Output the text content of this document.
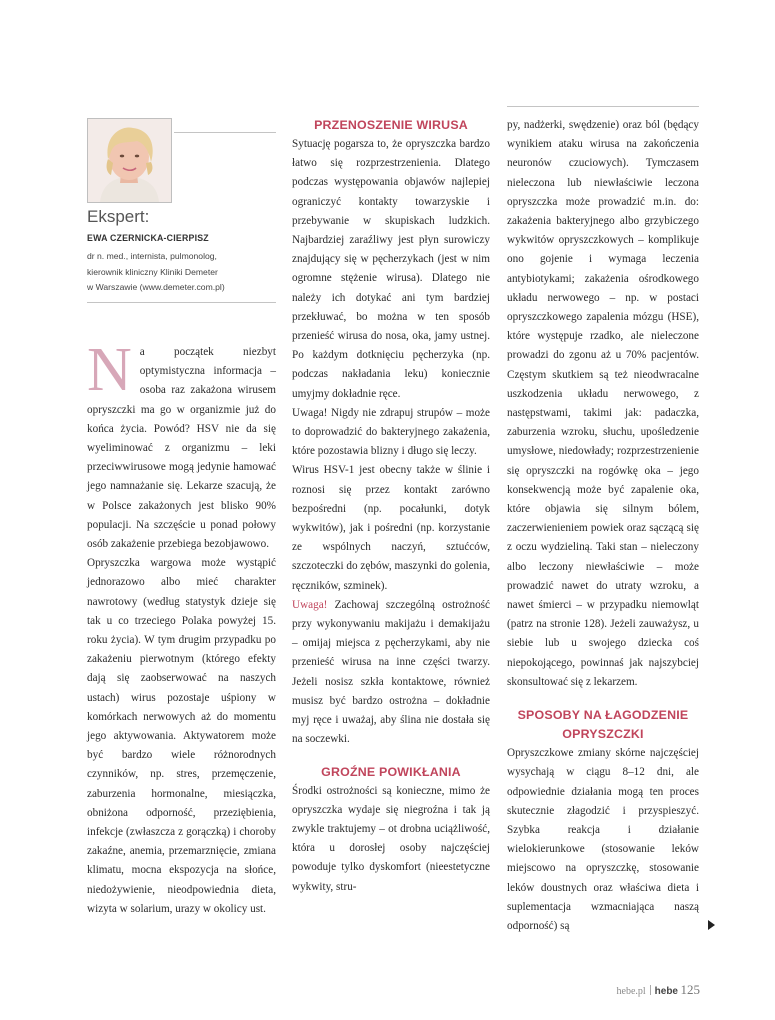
Ekspert:
EWA CZERNICKA-CIERPISZ
dr n. med., internista, pulmonolog,
kierownik kliniczny Kliniki Demeter
w Warszawie (www.demeter.com.pl)
N a początek niezbyt optymistyczna informacja – osoba raz zakażona wirusem opryszczki ma go w organizmie już do końca życia. Powód? HSV nie da się wyeliminować z organizmu – leki przeciwwirusowe mogą jedynie hamować jego namnażanie się. Lekarze szacują, że w Polsce zakażonych jest blisko 90% populacji. Na szczęście u ponad połowy osób zakażenie przebiega bezobjawowo.

Opryszczka wargowa może wystąpić jednorazowo albo mieć charakter nawrotowy (według statystyk dzieje się tak u co trzeciego Polaka powyżej 15. roku życia). W tym drugim przypadku po zakażeniu pierwotnym (którego efekty dają się zaobserwować na naszych ustach) wirus pozostaje uśpiony w komórkach nerwowych aż do momentu jego aktywowania. Aktywatorem może być bardzo wiele różnorodnych czynników, np. stres, przemęczenie, zaburzenia hormonalne, miesiączka, obniżona odporność, przeziębienia, infekcje (zwłaszcza z gorączką) i choroby zakaźne, anemia, przemarznięcie, zmiana klimatu, mocna ekspozycja na słońce, niedożywienie, nieodpowiednia dieta, wizyta w solarium, urazy w okolicy ust.

PRZENOSZENIE WIRUSA

Sytuację pogarsza to, że opryszczka bardzo łatwo się rozprzestrzenienia. Dlatego podczas występowania objawów najlepiej ograniczyć kontakty towarzyskie i przebywanie w skupiskach ludzkich. Najbardziej zaraźliwy jest płyn surowiczy znajdujący się w pęcherzykach (jest w nim ogromne stężenie wirusa). Dlatego nie należy ich dotykać ani tym bardziej przekłuwać, bo można w ten sposób przenieść wirusa do nosa, oka, jamy ustnej. Po każdym dotknięciu pęcherzyka (np. podczas nakładania leku) koniecznie umyjmy dokładnie ręce.

Uwaga! Nigdy nie zdrapuj strupów – może to doprowadzić do bakteryjnego zakażenia, które pozostawia blizny i długo się leczy.

Wirus HSV-1 jest obecny także w ślinie i roznosi się przez kontakt zarówno bezpośredni (np. pocałunki, dotyk wykwitów), jak i pośredni (np. korzystanie ze wspólnych naczyń, sztućców, szczoteczki do zębów, maszynki do golenia, ręczników, szminek).

Uwaga! Zachowaj szczególną ostrożność przy wykonywaniu makijażu i demakijażu – omijaj miejsca z pęcherzykami, aby nie przenieść wirusa na inne części twarzy. Jeżeli nosisz szkła kontaktowe, również musisz być bardzo ostrożna – dokładnie myj ręce i uważaj, aby ślina nie dostała się na soczewki.

GROŹNE POWIKŁANIA

Środki ostrożności są konieczne, mimo że opryszczka wydaje się niegroźna i tak ją zwykle traktujemy – ot drobna uciążliwość, która u dorosłej osoby najczęściej powoduje tylko dyskomfort (nieestetyczne wykwity, stru-

py, nadżerki, swędzenie) oraz ból (będący wynikiem ataku wirusa na zakończenia neuronów czuciowych). Tymczasem nieleczona lub niewłaściwie leczona opryszczka może prowadzić m.in. do: zakażenia bakteryjnego albo grzybiczego wykwitów opryszczkowych – komplikuje ono gojenie i wymaga leczenia antybiotykami; zakażenia ośrodkowego układu nerwowego – np. w postaci opryszczkowego zapalenia mózgu (HSE), które występuje rzadko, ale nieleczone prowadzi do zgonu aż u 70% pacjentów. Częstym skutkiem są też nieodwracalne uszkodzenia układu nerwowego, z następstwami, takimi jak: padaczka, zaburzenia wzroku, słuchu, upośledzenie umysłowe, niedowłady; rozprzestrzenienie się opryszczki na rogówkę oka – jego konsekwencją może być zapalenie oka, które objawia się silnym bólem, zaczerwienieniem powiek oraz sączącą się z oczu wydzieliną. Taki stan – nieleczony albo leczony niewłaściwie – może prowadzić nawet do utraty wzroku, a nawet śmierci – w przypadku niemowląt (patrz na stronie 128). Jeżeli zauważysz, u siebie lub u swojego dziecka coś niepokojącego, powinnaś jak najszybciej skonsultować się z lekarzem.

SPOSOBY NA ŁAGODZENIE OPRYSZCZKI

Opryszczkowe zmiany skórne najczęściej wysychają w ciągu 8–12 dni, ale odpowiednie działania mogą ten proces skutecznie złagodzić i przyspieszyć. Szybka reakcja i działanie wielokierunkowe (stosowanie leków miejscowo na opryszczkę, stosowanie leków doustnych oraz właściwa dieta i suplementacja wzmacniająca naszą odporność) są

hebe.pl hebe 125
